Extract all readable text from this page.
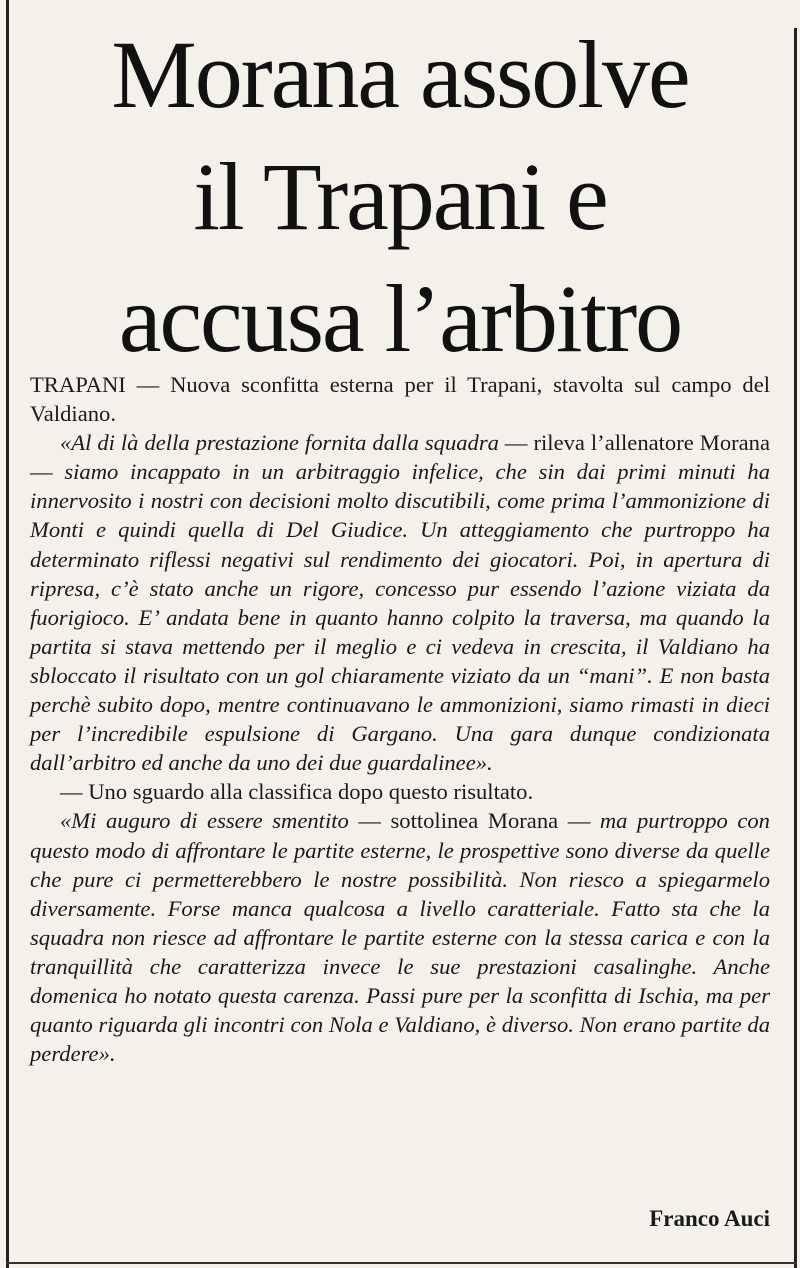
Morana assolve
il Trapani e
accusa l’arbitro

TRAPANI — Nuova sconfitta esterna per il Trapani, stavolta sul campo del Valdiano.

«Al di là della prestazione fornita dalla squadra — rileva l’allenatore Morana — siamo incappato in un arbitraggio infelice, che sin dai primi minuti ha innervosito i nostri con decisioni molto discutibili, come prima l’ammonizione di Monti e quindi quella di Del Giudice. Un atteggiamento che purtroppo ha determinato riflessi negativi sul rendimento dei giocatori. Poi, in apertura di ripresa, c’è stato anche un rigore, concesso pur essendo l’azione viziata da fuorigioco. E’ andata bene in quanto hanno colpito la traversa, ma quando la partita si stava mettendo per il meglio e ci vedeva in crescita, il Valdiano ha sbloccato il risultato con un gol chiaramente viziato da un “mani”. E non basta perchè subito dopo, mentre continuavano le ammonizioni, siamo rimasti in dieci per l’incredibile espulsione di Gargano. Una gara dunque condizionata dall’arbitro ed anche da uno dei due guardalinee».

— Uno sguardo alla classifica dopo questo risultato.

«Mi auguro di essere smentito — sottolinea Morana — ma purtroppo con questo modo di affrontare le partite esterne, le prospettive sono diverse da quelle che pure ci permetterebbero le nostre possibilità. Non riesco a spiegarmelo diversamente. Forse manca qualcosa a livello caratteriale. Fatto sta che la squadra non riesce ad affrontare le partite esterne con la stessa carica e con la tranquillità che caratterizza invece le sue prestazioni casalinghe. Anche domenica ho notato questa carenza. Passi pure per la sconfitta di Ischia, ma per quanto riguarda gli incontri con Nola e Valdiano, è diverso. Non erano partite da perdere».

Franco Auci
